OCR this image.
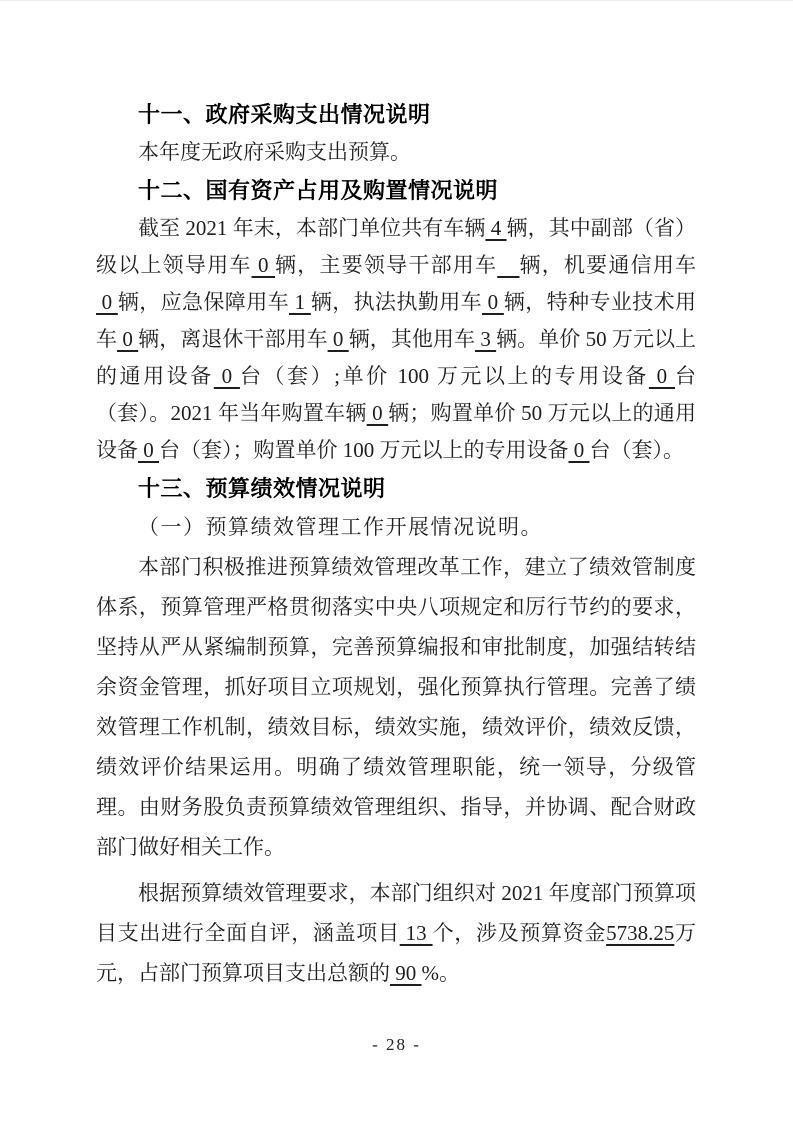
十一、政府采购支出情况说明

本年度无政府采购支出预算。

十二、国有资产占用及购置情况说明

截至 2021 年末，本部门单位共有车辆 4 辆，其中副部（省）级以上领导用车 0 辆，主要领导干部用车　 辆，机要通信用车 0 辆，应急保障用车 1 辆，执法执勤用车 0 辆，特种专业技术用车 0 辆，离退休干部用车 0 辆，其他用车 3 辆。单价 50 万元以上的通用设备 0 台（套）;单价 100 万元以上的专用设备 0 台（套）。2021 年当年购置车辆 0 辆；购置单价 50 万元以上的通用设备 0 台（套）；购置单价 100 万元以上的专用设备 0 台（套）。

十三、预算绩效情况说明

（一）预算绩效管理工作开展情况说明。

本部门积极推进预算绩效管理改革工作，建立了绩效管制度体系，预算管理严格贯彻落实中央八项规定和厉行节约的要求，坚持从严从紧编制预算，完善预算编报和审批制度，加强结转结余资金管理，抓好项目立项规划，强化预算执行管理。完善了绩效管理工作机制，绩效目标，绩效实施，绩效评价，绩效反馈，绩效评价结果运用。明确了绩效管理职能，统一领导，分级管理。由财务股负责预算绩效管理组织、指导，并协调、配合财政部门做好相关工作。

根据预算绩效管理要求，本部门组织对 2021 年度部门预算项目支出进行全面自评，涵盖项目 13 个，涉及预算资金5738.25万元，占部门预算项目支出总额的 90 %。

- 28 -
